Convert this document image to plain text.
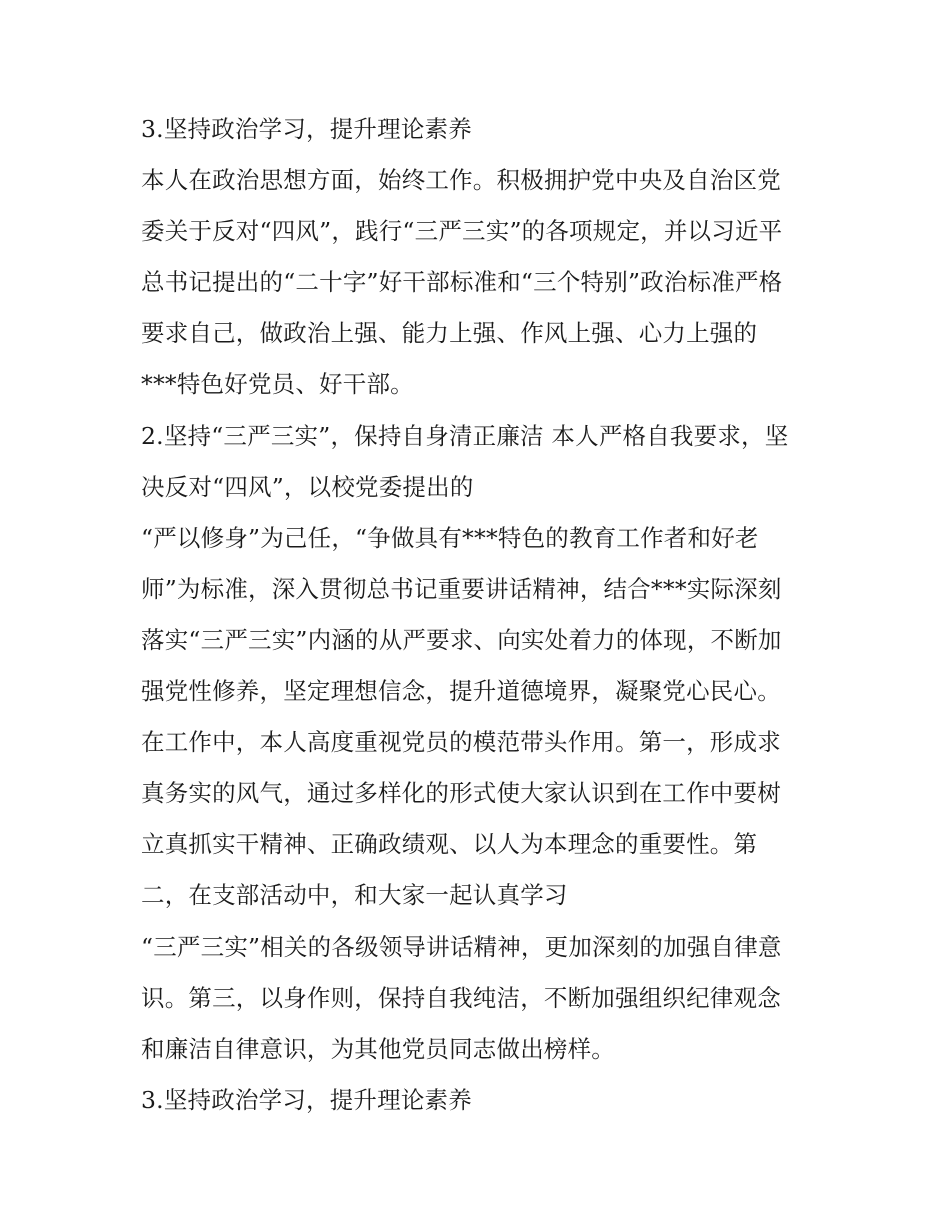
3.坚持政治学习，提升理论素养
本人在政治思想方面，始终工作。积极拥护党中央及自治区党
委关于反对“四风”，践行“三严三实”的各项规定，并以习近平
总书记提出的“二十字”好干部标准和“三个特别”政治标准严格
要求自己，做政治上强、能力上强、作风上强、心力上强的
***特色好党员、好干部。
2.坚持“三严三实”，保持自身清正廉洁 本人严格自我要求，坚
决反对“四风”，以校党委提出的
“严以修身”为己任，“争做具有***特色的教育工作者和好老
师”为标准，深入贯彻总书记重要讲话精神，结合***实际深刻
落实“三严三实”内涵的从严要求、向实处着力的体现，不断加
强党性修养，坚定理想信念，提升道德境界，凝聚党心民心。
在工作中，本人高度重视党员的模范带头作用。第一，形成求
真务实的风气，通过多样化的形式使大家认识到在工作中要树
立真抓实干精神、正确政绩观、以人为本理念的重要性。第
二，在支部活动中，和大家一起认真学习
“三严三实”相关的各级领导讲话精神，更加深刻的加强自律意
识。第三，以身作则，保持自我纯洁，不断加强组织纪律观念
和廉洁自律意识，为其他党员同志做出榜样。
3.坚持政治学习，提升理论素养
